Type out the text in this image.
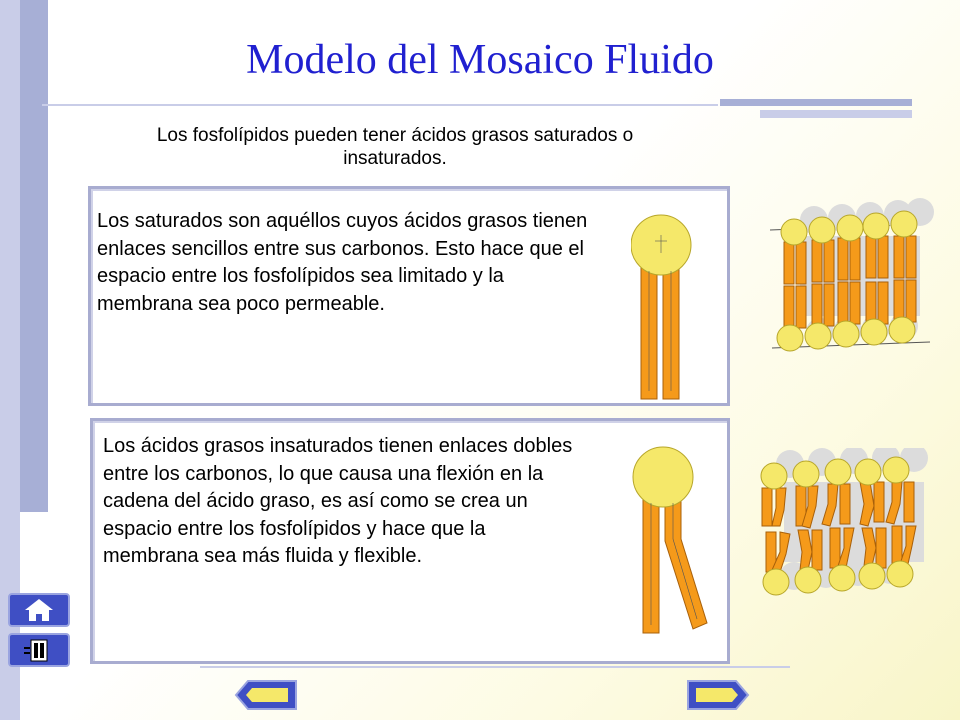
Modelo del Mosaico Fluido
Los fosfolípidos pueden tener ácidos grasos saturados o insaturados.
Los saturados son aquéllos cuyos ácidos grasos tienen enlaces sencillos entre sus carbonos. Esto hace que el espacio entre los fosfolípidos sea limitado y la membrana sea poco permeable.
Los ácidos grasos insaturados tienen enlaces dobles entre los carbonos, lo que causa una flexión en la cadena del ácido graso, es así como se crea un espacio entre los fosfolípidos y hace que la membrana sea más fluida y flexible.
